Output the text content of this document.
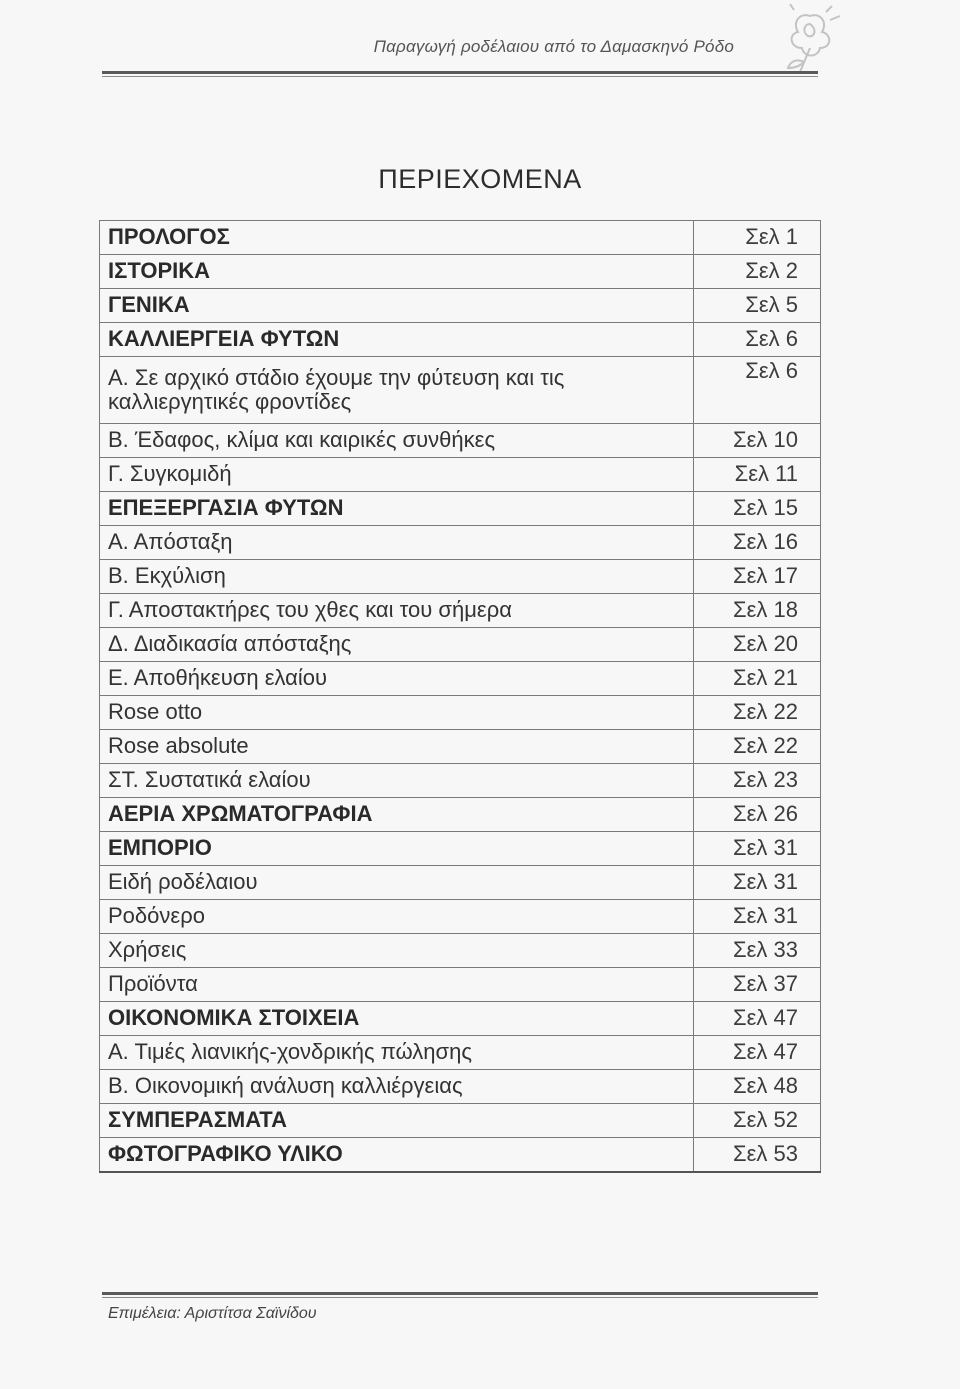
Παραγωγή ροδέλαιου από το Δαμασκηνό Ρόδο
ΠΕΡΙΕΧΟΜΕΝΑ
ΠΡΟΛΟΓΟΣ	Σελ 1
ΙΣΤΟΡΙΚΑ	Σελ 2
ΓΕΝΙΚΑ	Σελ 5
ΚΑΛΛΙΕΡΓΕΙΑ ΦΥΤΩΝ	Σελ 6
Α. Σε αρχικό στάδιο έχουμε την φύτευση και τις καλλιεργητικές φροντίδες	Σελ 6
Β. Έδαφος, κλίμα και καιρικές συνθήκες	Σελ 10
Γ. Συγκομιδή	Σελ 11
ΕΠΕΞΕΡΓΑΣΙΑ ΦΥΤΩΝ	Σελ 15
Α. Απόσταξη	Σελ 16
Β. Εκχύλιση	Σελ 17
Γ. Αποστακτήρες του χθες και του σήμερα	Σελ 18
Δ. Διαδικασία απόσταξης	Σελ 20
Ε. Αποθήκευση ελαίου	Σελ 21
Rose otto	Σελ 22
Rose absolute	Σελ 22
ΣΤ. Συστατικά ελαίου	Σελ 23
ΑΕΡΙΑ ΧΡΩΜΑΤΟΓΡΑΦΙΑ	Σελ 26
ΕΜΠΟΡΙΟ	Σελ 31
Ειδή ροδέλαιου	Σελ 31
Ροδόνερο	Σελ 31
Χρήσεις	Σελ 33
Προϊόντα	Σελ 37
ΟΙΚΟΝΟΜΙΚΑ ΣΤΟΙΧΕΙΑ	Σελ 47
Α. Τιμές λιανικής-χονδρικής πώλησης	Σελ 47
Β. Οικονομική ανάλυση καλλιέργειας	Σελ 48
ΣΥΜΠΕΡΑΣΜΑΤΑ	Σελ 52
ΦΩΤΟΓΡΑΦΙΚΟ ΥΛΙΚΟ	Σελ 53
Επιμέλεια: Αριστίτσα Σαϊνίδου
